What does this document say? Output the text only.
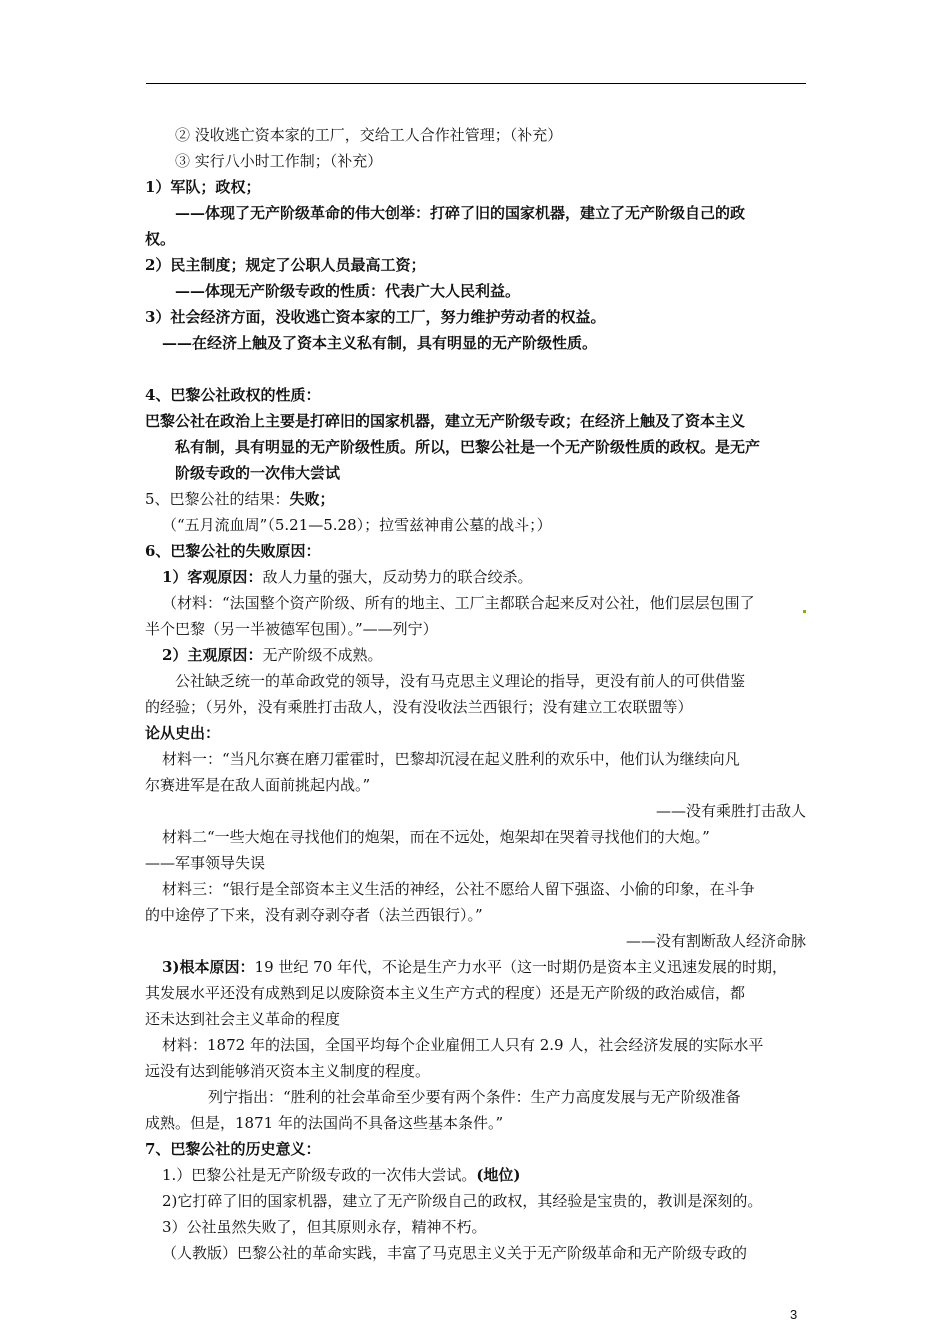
② 没收逃亡资本家的工厂，交给工人合作社管理；（补充）
③ 实行八小时工作制；（补充）
1）军队；政权；
——体现了无产阶级革命的伟大创举：打碎了旧的国家机器，建立了无产阶级自己的政
权。
2）民主制度；规定了公职人员最高工资；
——体现无产阶级专政的性质：代表广大人民利益。
3）社会经济方面，没收逃亡资本家的工厂，努力维护劳动者的权益。
——在经济上触及了资本主义私有制，具有明显的无产阶级性质。
4、巴黎公社政权的性质：
巴黎公社在政治上主要是打碎旧的国家机器，建立无产阶级专政；在经济上触及了资本主义
私有制，具有明显的无产阶级性质。所以，巴黎公社是一个无产阶级性质的政权。是无产
阶级专政的一次伟大尝试
5、巴黎公社的结果：失败；
（“五月流血周”（5.21—5.28）；拉雪兹神甫公墓的战斗；）
6、巴黎公社的失败原因：
1）客观原因：敌人力量的强大，反动势力的联合绞杀。
（材料：“法国整个资产阶级、所有的地主、工厂主都联合起来反对公社，他们层层包围了
半个巴黎（另一半被德军包围）。”——列宁）
2）主观原因：无产阶级不成熟。
公社缺乏统一的革命政党的领导，没有马克思主义理论的指导，更没有前人的可供借鉴
的经验；（另外，没有乘胜打击敌人，没有没收法兰西银行；没有建立工农联盟等）
论从史出：
材料一：“当凡尔赛在磨刀霍霍时，巴黎却沉浸在起义胜利的欢乐中，他们认为继续向凡
尔赛进军是在敌人面前挑起内战。”
——没有乘胜打击敌人
材料二“一些大炮在寻找他们的炮架，而在不远处，炮架却在哭着寻找他们的大炮。”
——军事领导失误
材料三：“银行是全部资本主义生活的神经，公社不愿给人留下强盗、小偷的印象，在斗争
的中途停了下来，没有剥夺剥夺者（法兰西银行）。”
——没有割断敌人经济命脉
3)根本原因：19 世纪 70 年代，不论是生产力水平（这一时期仍是资本主义迅速发展的时期，
其发展水平还没有成熟到足以废除资本主义生产方式的程度）还是无产阶级的政治威信，都
还未达到社会主义革命的程度
材料：1872 年的法国，全国平均每个企业雇佣工人只有 2.9 人，社会经济发展的实际水平
远没有达到能够消灭资本主义制度的程度。
列宁指出：“胜利的社会革命至少要有两个条件：生产力高度发展与无产阶级准备
成熟。但是，1871 年的法国尚不具备这些基本条件。”
7、巴黎公社的历史意义：
1.）巴黎公社是无产阶级专政的一次伟大尝试。(地位)
2)它打碎了旧的国家机器，建立了无产阶级自己的政权，其经验是宝贵的，教训是深刻的。
3）公社虽然失败了，但其原则永存，精神不朽。
（人教版）巴黎公社的革命实践，丰富了马克思主义关于无产阶级革命和无产阶级专政的
3
